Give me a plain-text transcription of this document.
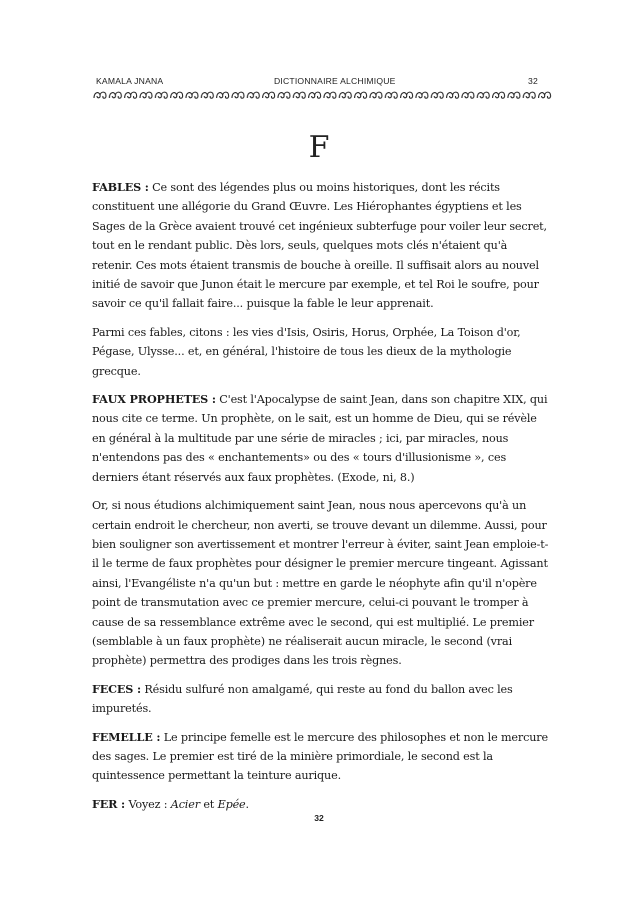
KAMALA JNANA	DICTIONNAIRE ALCHIMIQUE	32
F

FABLES : Ce sont des légendes plus ou moins historiques, dont les récits constituent une allégorie du Grand Œuvre. Les Hiérophantes égyptiens et les Sages de la Grèce avaient trouvé cet ingénieux subterfuge pour voiler leur secret, tout en le rendant public. Dès lors, seuls, quelques mots clés n'étaient qu'à retenir. Ces mots étaient transmis de bouche à oreille. Il suffisait alors au nouvel initié de savoir que Junon était le mercure par exemple, et tel Roi le soufre, pour savoir ce qu'il fallait faire... puisque la fable le leur apprenait.

Parmi ces fables, citons : les vies d'Isis, Osiris, Horus, Orphée, La Toison d'or, Pégase, Ulysse... et, en général, l'histoire de tous les dieux de la mythologie grecque.

FAUX PROPHETES : C'est l'Apocalypse de saint Jean, dans son chapitre XIX, qui nous cite ce terme. Un prophète, on le sait, est un homme de Dieu, qui se révèle en général à la multitude par une série de miracles ; ici, par miracles, nous n'entendons pas des « enchantements» ou des « tours d'illusionisme », ces derniers étant réservés aux faux prophètes. (Exode, ni, 8.)

Or, si nous étudions alchimiquement saint Jean, nous nous apercevons qu'à un certain endroit le chercheur, non averti, se trouve devant un dilemme. Aussi, pour bien souligner son avertissement et montrer l'erreur à éviter, saint Jean emploie-t-il le terme de faux prophètes pour désigner le premier mercure tingeant. Agissant ainsi, l'Evangéliste n'a qu'un but : mettre en garde le néophyte afin qu'il n'opère point de transmutation avec ce premier mercure, celui-ci pouvant le tromper à cause de sa ressemblance extrême avec le second, qui est multiplié. Le premier (semblable à un faux prophète) ne réaliserait aucun miracle, le second (vrai prophète) permettra des prodiges dans les trois règnes.

FECES : Résidu sulfuré non amalgamé, qui reste au fond du ballon avec les impuretés.

FEMELLE : Le principe femelle est le mercure des philosophes et non le mercure des sages. Le premier est tiré de la minière primordiale, le second est la quintessence permettant la teinture aurique.

FER : Voyez : Acier et Epée.

32
